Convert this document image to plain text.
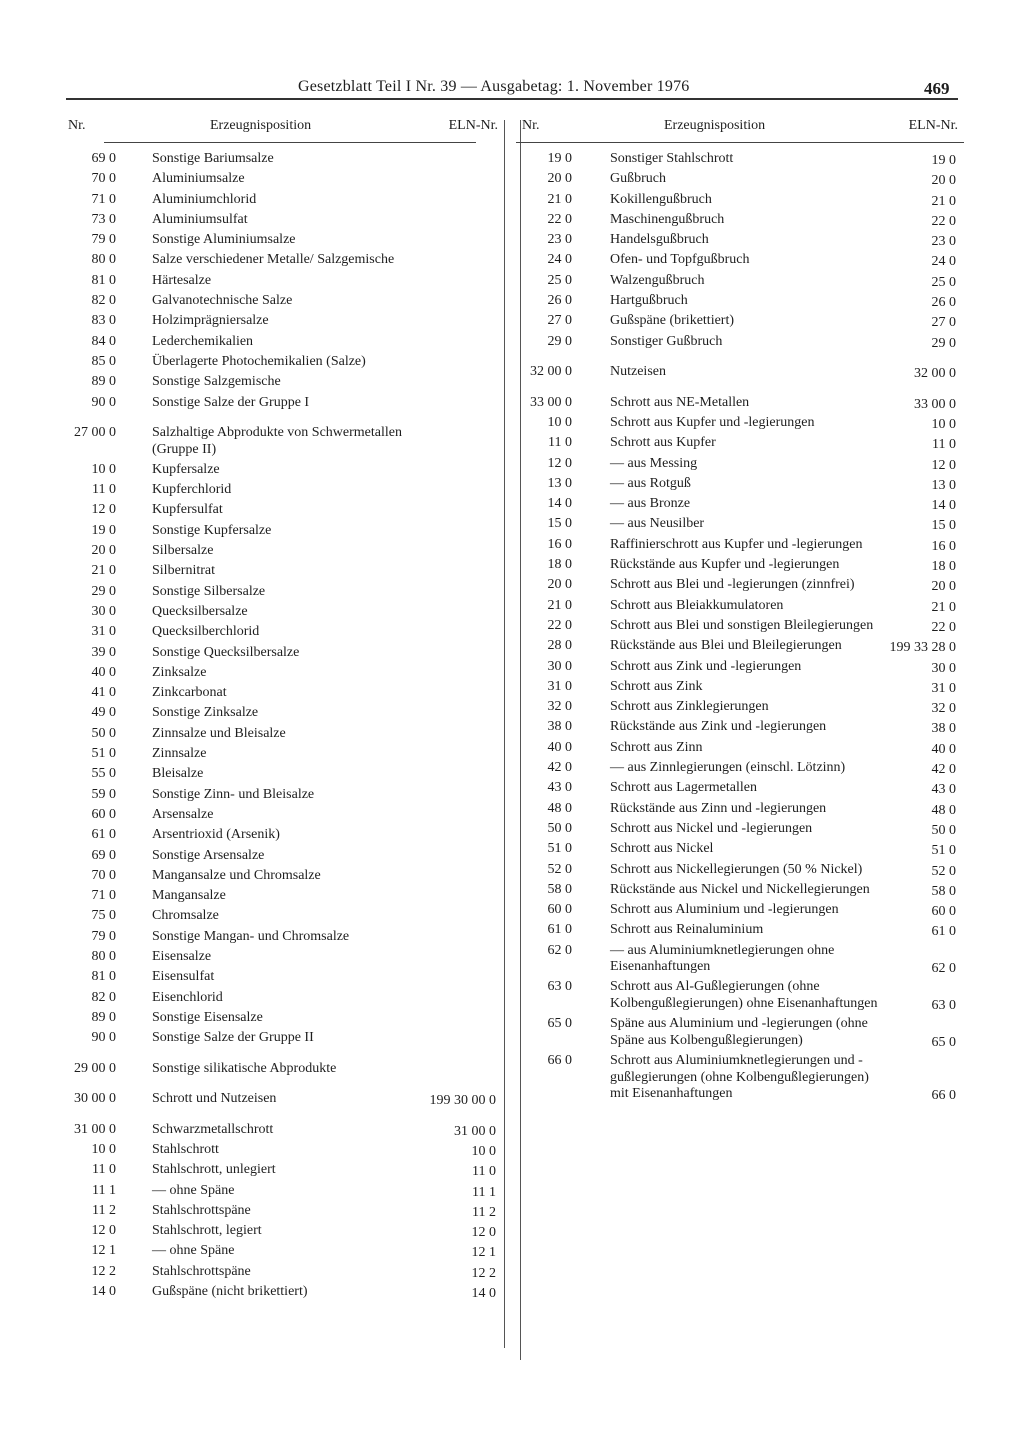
Gesetzblatt Teil I Nr. 39 — Ausgabetag: 1. November 1976	469
Nr.	Erzeugnisposition	ELN-Nr.
69 0	Sonstige Bariumsalze
70 0	Aluminiumsalze
71 0	Aluminiumchlorid
73 0	Aluminiumsulfat
79 0	Sonstige Aluminiumsalze
80 0	Salze verschiedener Metalle/ Salzgemische
81 0	Härtesalze
82 0	Galvanotechnische Salze
83 0	Holzimprägniersalze
84 0	Lederchemikalien
85 0	Überlagerte Photochemikalien (Salze)
89 0	Sonstige Salzgemische
90 0	Sonstige Salze der Gruppe I
27 00 0	Salzhaltige Abprodukte von Schwermetallen (Gruppe II)
10 0	Kupfersalze
11 0	Kupferchlorid
12 0	Kupfersulfat
19 0	Sonstige Kupfersalze
20 0	Silbersalze
21 0	Silbernitrat
29 0	Sonstige Silbersalze
30 0	Quecksilbersalze
31 0	Quecksilberchlorid
39 0	Sonstige Quecksilbersalze
40 0	Zinksalze
41 0	Zinkcarbonat
49 0	Sonstige Zinksalze
50 0	Zinnsalze und Bleisalze
51 0	Zinnsalze
55 0	Bleisalze
59 0	Sonstige Zinn- und Bleisalze
60 0	Arsensalze
61 0	Arsentrioxid (Arsenik)
69 0	Sonstige Arsensalze
70 0	Mangansalze und Chromsalze
71 0	Mangansalze
75 0	Chromsalze
79 0	Sonstige Mangan- und Chromsalze
80 0	Eisensalze
81 0	Eisensulfat
82 0	Eisenchlorid
89 0	Sonstige Eisensalze
90 0	Sonstige Salze der Gruppe II
29 00 0	Sonstige silikatische Abprodukte
30 00 0	Schrott und Nutzeisen	199 30 00 0
31 00 0	Schwarzmetallschrott	31 00 0
10 0	Stahlschrott	10 0
11 0	Stahlschrott, unlegiert	11 0
11 1	— ohne Späne	11 1
11 2	Stahlschrottspäne	11 2
12 0	Stahlschrott, legiert	12 0
12 1	— ohne Späne	12 1
12 2	Stahlschrottspäne	12 2
14 0	Gußspäne (nicht brikettiert)	14 0
Nr.	Erzeugnisposition	ELN-Nr.
19 0	Sonstiger Stahlschrott	19 0
20 0	Gußbruch	20 0
21 0	Kokillengußbruch	21 0
22 0	Maschinengußbruch	22 0
23 0	Handelsgußbruch	23 0
24 0	Ofen- und Topfgußbruch	24 0
25 0	Walzengußbruch	25 0
26 0	Hartgußbruch	26 0
27 0	Gußspäne (brikettiert)	27 0
29 0	Sonstiger Gußbruch	29 0
32 00 0	Nutzeisen	32 00 0
33 00 0	Schrott aus NE-Metallen	33 00 0
10 0	Schrott aus Kupfer und -legierungen	10 0
11 0	Schrott aus Kupfer	11 0
12 0	— aus Messing	12 0
13 0	— aus Rotguß	13 0
14 0	— aus Bronze	14 0
15 0	— aus Neusilber	15 0
16 0	Raffinierschrott aus Kupfer und -legierungen	16 0
18 0	Rückstände aus Kupfer und -legierungen	18 0
20 0	Schrott aus Blei und -legierungen (zinnfrei)	20 0
21 0	Schrott aus Bleiakkumulatoren	21 0
22 0	Schrott aus Blei und sonstigen Bleilegierungen	22 0
28 0	Rückstände aus Blei und Bleilegierungen	199 33 28 0
30 0	Schrott aus Zink und -legierungen	30 0
31 0	Schrott aus Zink	31 0
32 0	Schrott aus Zinklegierungen	32 0
38 0	Rückstände aus Zink und -legierungen	38 0
40 0	Schrott aus Zinn	40 0
42 0	— aus Zinnlegierungen (einschl. Lötzinn)	42 0
43 0	Schrott aus Lagermetallen	43 0
48 0	Rückstände aus Zinn und -legierungen	48 0
50 0	Schrott aus Nickel und -legierungen	50 0
51 0	Schrott aus Nickel	51 0
52 0	Schrott aus Nickellegierungen (50 % Nickel)	52 0
58 0	Rückstände aus Nickel und Nickellegierungen	58 0
60 0	Schrott aus Aluminium und -legierungen	60 0
61 0	Schrott aus Reinaluminium	61 0
62 0	— aus Aluminiumknetlegierungen ohne Eisenanhaftungen	62 0
63 0	Schrott aus Al-Gußlegierungen (ohne Kolbengußlegierungen) ohne Eisenanhaftungen	63 0
65 0	Späne aus Aluminium und -legierungen (ohne Späne aus Kolbengußlegierungen)	65 0
66 0	Schrott aus Aluminiumknetlegierungen und -gußlegierungen (ohne Kolbengußlegierungen) mit Eisenanhaftungen	66 0
